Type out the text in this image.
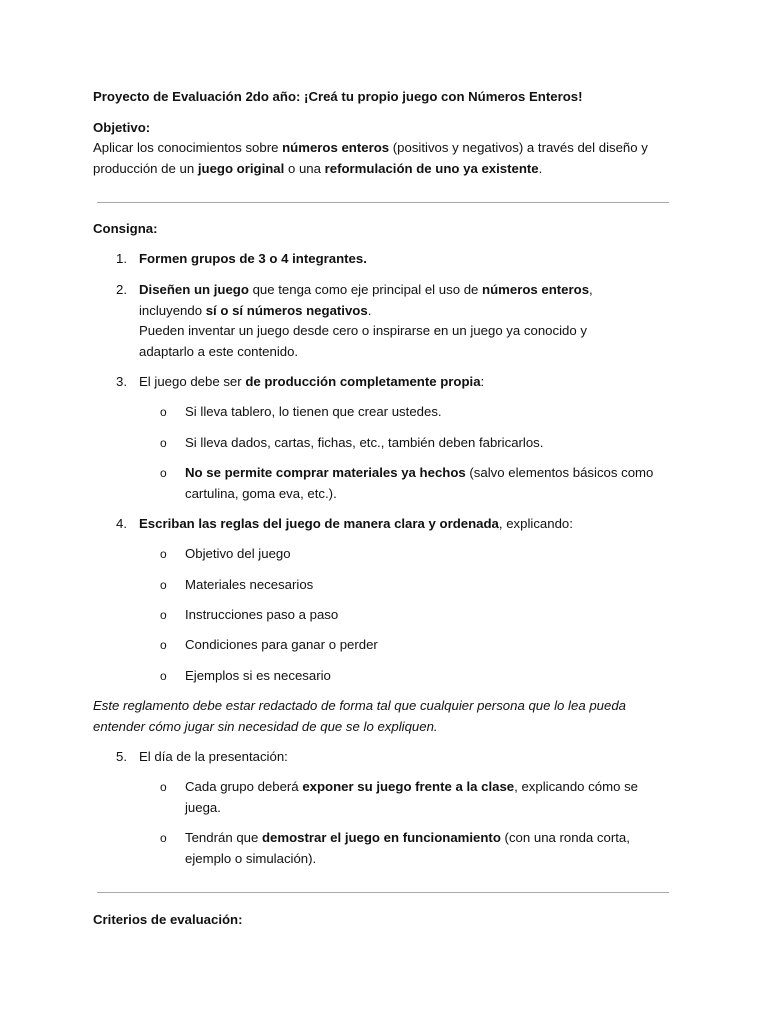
Proyecto de Evaluación 2do año: ¡Creá tu propio juego con Números Enteros!

Objetivo:

Aplicar los conocimientos sobre números enteros (positivos y negativos) a través del diseño y producción de un juego original o una reformulación de uno ya existente.

Consigna:

1. Formen grupos de 3 o 4 integrantes.

2. Diseñen un juego que tenga como eje principal el uso de números enteros, incluyendo sí o sí números negativos.

Pueden inventar un juego desde cero o inspirarse en un juego ya conocido y adaptarlo a este contenido.

3. El juego debe ser de producción completamente propia:

o	Si lleva tablero, lo tienen que crear ustedes.

o	Si lleva dados, cartas, fichas, etc., también deben fabricarlos.

o	No se permite comprar materiales ya hechos (salvo elementos básicos como cartulina, goma eva, etc.).

4. Escriban las reglas del juego de manera clara y ordenada, explicando:

o	Objetivo del juego

o	Materiales necesarios

o	Instrucciones paso a paso

o	Condiciones para ganar o perder

o	Ejemplos si es necesario

Este reglamento debe estar redactado de forma tal que cualquier persona que lo lea pueda entender cómo jugar sin necesidad de que se lo expliquen.

5. El día de la presentación:

o	Cada grupo deberá exponer su juego frente a la clase, explicando cómo se juega.

o	Tendrán que demostrar el juego en funcionamiento (con una ronda corta, ejemplo o simulación).

Criterios de evaluación:
